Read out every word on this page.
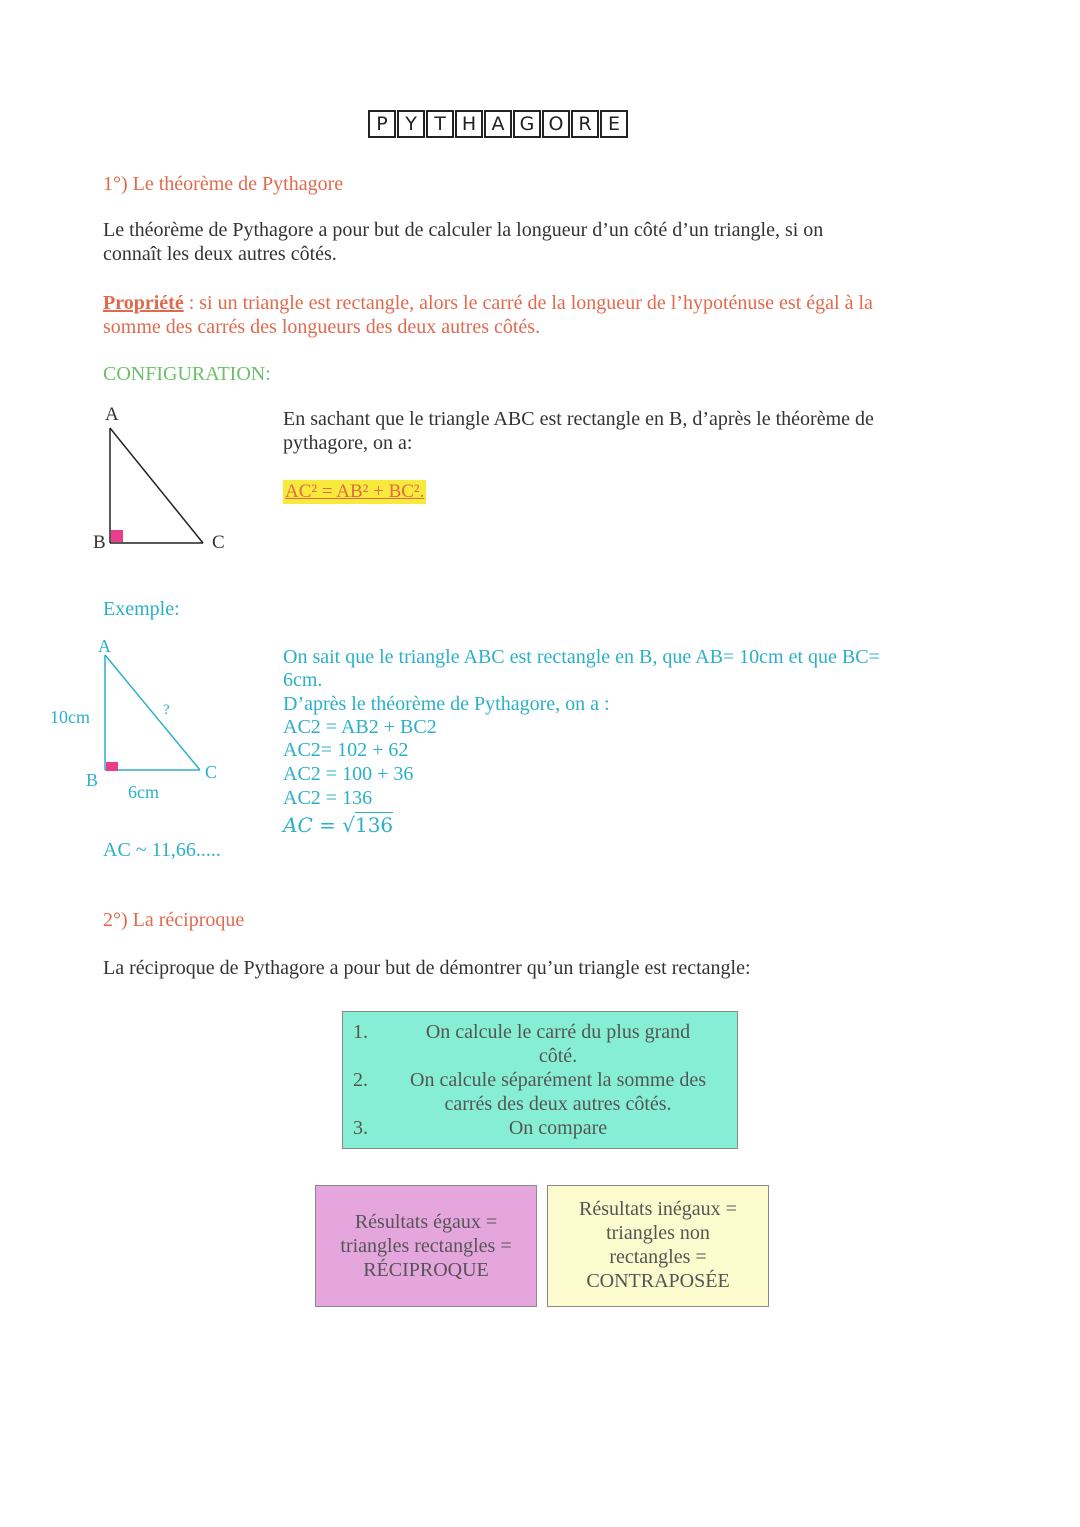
P Y T H A G O R E
1°) Le théorème de Pythagore
Le théorème de Pythagore a pour but de calculer la longueur d’un côté d’un triangle, si on
connaît les deux autres côtés.
Propriété : si un triangle est rectangle, alors le carré de la longueur de l’hypoténuse est égal à la
somme des carrés des longueurs des deux autres côtés.
CONFIGURATION:
A
B	C
En sachant que le triangle ABC est rectangle en B, d’après le théorème de
pythagore, on a:
AC² = AB² + BC².
Exemple:
A
B	C
10cm
6cm
?
On sait que le triangle ABC est rectangle en B, que AB= 10cm et que BC=
6cm.
D’après le théorème de Pythagore, on a :
AC2 = AB2 + BC2
AC2= 102 + 62
AC2 = 100 + 36
AC2 = 136
AC = √136
AC ~ 11,66.....
2°) La réciproque
La réciproque de Pythagore a pour but de démontrer qu’un triangle est rectangle:
1.	On calcule le carré du plus grand
côté.
2.	On calcule séparément la somme des
carrés des deux autres côtés.
3.	On compare
Résultats égaux =
triangles rectangles =
RÉCIPROQUE
Résultats inégaux =
triangles non
rectangles =
CONTRAPOSÉE
